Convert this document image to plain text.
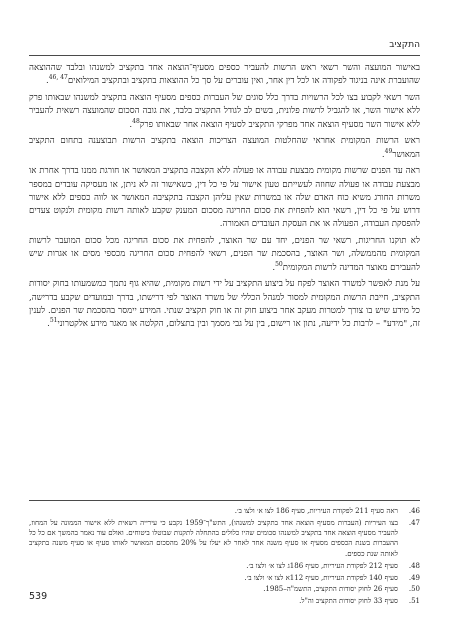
התקציב

באישור המועצה והשר רשאי ראש הרשות להעביר כספים מסעיף־הוצאה אחד בתקציב למשנהו ובלבד שההוצאה שהועברת אינה בניגוד לפקודה או לכל דין אחר, ואין עוברים על סך כל ההוצאות בתקציב ובתקציב המילואים$^{47 ,46}$.

השר רשאי לקבוע בצו לכל הרשויות בדרך כלל סוגים של העברות כספים מסעיף הוצאה בתקציב למשנהו שבאותו פרק ללא אישור השר, או להגביל לרשות פלונית, בשים לב לגודל התקציב בלבד, את גובה הסכום שהמועצה רשאית להעביר ללא אישור השר מסעיף הוצאה אחד מפרקי התקציב לסעיף הוצאה אחר שבאותו פרק$^{48}$.

ראש הרשות המקומית אחראי שהחלטות המועצה הצריכות הוצאה בתקציב הרשות תבוצענה בתחום התקציב המאושר$^{49}$.

ראה עד הפנים שרשות מקומית מבצעת עבודה או פעולה ללא הקצבה בתקציב המאושר או חורגת ממנו בדרך אחרת או מבצעת עבודה או פעולה שחוזה לעשייתם טעון אישור על פי כל דין, כשאישור זה לא ניתן, או מעסיקה עובדים במספר משרות החורג משיא כוח האדם שלה או במשרות שאין עליהן הקצבה בתקציבה המאושר או לווה כספים ללא אישור דרוש על פי כל דין, רשאי הוא להפחית את סכום החריגה מסכום המענק שקבע לאותה רשות מקומית ולנקוט צעדים להפסקת העבודה, הפעולה או את העסקת העובדים האמורה.

לא תוקנו החריגות, רשאי שר הפנים, יחד עם שר האוצר, להפחית את סכום החריגה מכל סכום המועבר לרשות המקומית מהממשלה, ושר האוצר, בהסכמת שר הפנים, רשאי להפחית סכום החריגה מכספי מסים או אגרות שיש להעבירם מאוצר המדינה לרשות המקומית$^{50}$.

על מנת לאפשר למשרד האוצר לפקח על ביצוע התקציב על ידי רשות מקומית, שהיא גוף נתמך כמשמעותו בחוק יסודות התקציב, חייבת הרשות המקומית למסור למנהל הכללי של משרד האוצר לפי דרישתו, בדרך ובמועדים שקבע בדרישה, כל מידע שיש בו צורך למטרות מעקב אחר ביצוע חוק זה או חוק תקציב שנתי. המידע יימסר בהסכמת שר הפנים. לענין זה, "מידע" – לרבות כל ידיעה, נתון או רישום, בין על גבי מסמך ובין בתצלום, הקלטה או מאגר מידע אלקטרוני$^{51}$.

46.
ראה סעיף 211 לפקודת העיריות, סעיף 186 לצו א׳ ולצו ב׳.
47.
בצו העיריות (העברות מסעיף הוצאה אחד בתקציב למשנהו), התש"ך־1959 נקבע כי עירייה רשאית ללא אישור הממונה על המחוז, להעביר מסעיף הוצאה אחד בתקציב למשנהו סכומים שהיו כלולים בהתחלה לתקנות שבוטלו ביטוחים. ואולם עוד נאמר בהמשך אם כל כל ההעברות בשנת הכספים מסעיף או סעיף משנה אחד לאחר לא יעלו על 20% מהסכום המאושר לאותו סעיף או סעיף משנה בתקציב לאותה שנת כספים.
48.
סעיף 212 לפקודת העיריות, סעיף 186ג לצו א׳ ולצו ב׳.
49.
סעיף 140 לפקודת העיריות, סעיף 112א לצו א׳ ולצו ב׳.
50.
סעיף 26 לחוק יסודות התקציב, התשמ"ה–1985.
51.
סעיף 33 לחוק יסודות התקציב וה"ל.
539
